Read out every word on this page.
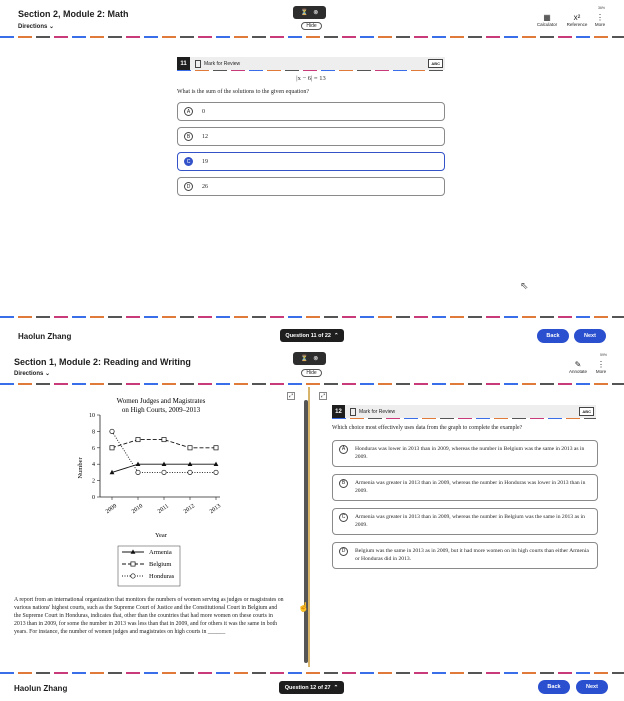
Section 2, Module 2: Math
Directions ⌄
⏳ ⊗
Hide
36%
▦
Calculator
x²
Reference
⋮
More
11	Mark for Review	ABC
|x − 6| = 13
What is the sum of the solutions to the given equation?
A	0
B	12
C	19
D	26
⇖
Haolun Zhang	Question 11 of 22 ⌃	Back	Next
Section 1, Module 2: Reading and Writing
Directions ⌄
⏳ ⊗
Hide
59%
✎
Annotate
⋮
More
⤢	⤢
Women Judges and Magistrates
on High Courts, 2009–2013
0
2
4
6
8
10
2009 2010 2011 2012 2013
Year
Number
Armenia
Belgium
Honduras
A report from an international organization that monitors the numbers of women serving as judges or magistrates on various nations' highest courts, such as the Supreme Court of Justice and the Constitutional Court in Belgium and the Supreme Court in Honduras, indicates that, other than the countries that had more women on these courts in 2013 than in 2009, for some the number in 2013 was less than that in 2009, and for others it was the same in both years. For instance, the number of women judges and magistrates on high courts in ______
☝
12	Mark for Review	ABC
Which choice most effectively uses data from the graph to complete the example?
A	Honduras was lower in 2013 than in 2009, whereas the number in Belgium was the same in 2013 as in 2009.
B	Armenia was greater in 2013 than in 2009, whereas the number in Honduras was lower in 2013 than in 2009.
C	Armenia was greater in 2013 than in 2009, whereas the number in Belgium was the same in 2013 as in 2009.
D	Belgium was the same in 2013 as in 2009, but it had more women on its high courts than either Armenia or Honduras did in 2013.
Haolun Zhang	Question 12 of 27 ⌃	Back	Next
